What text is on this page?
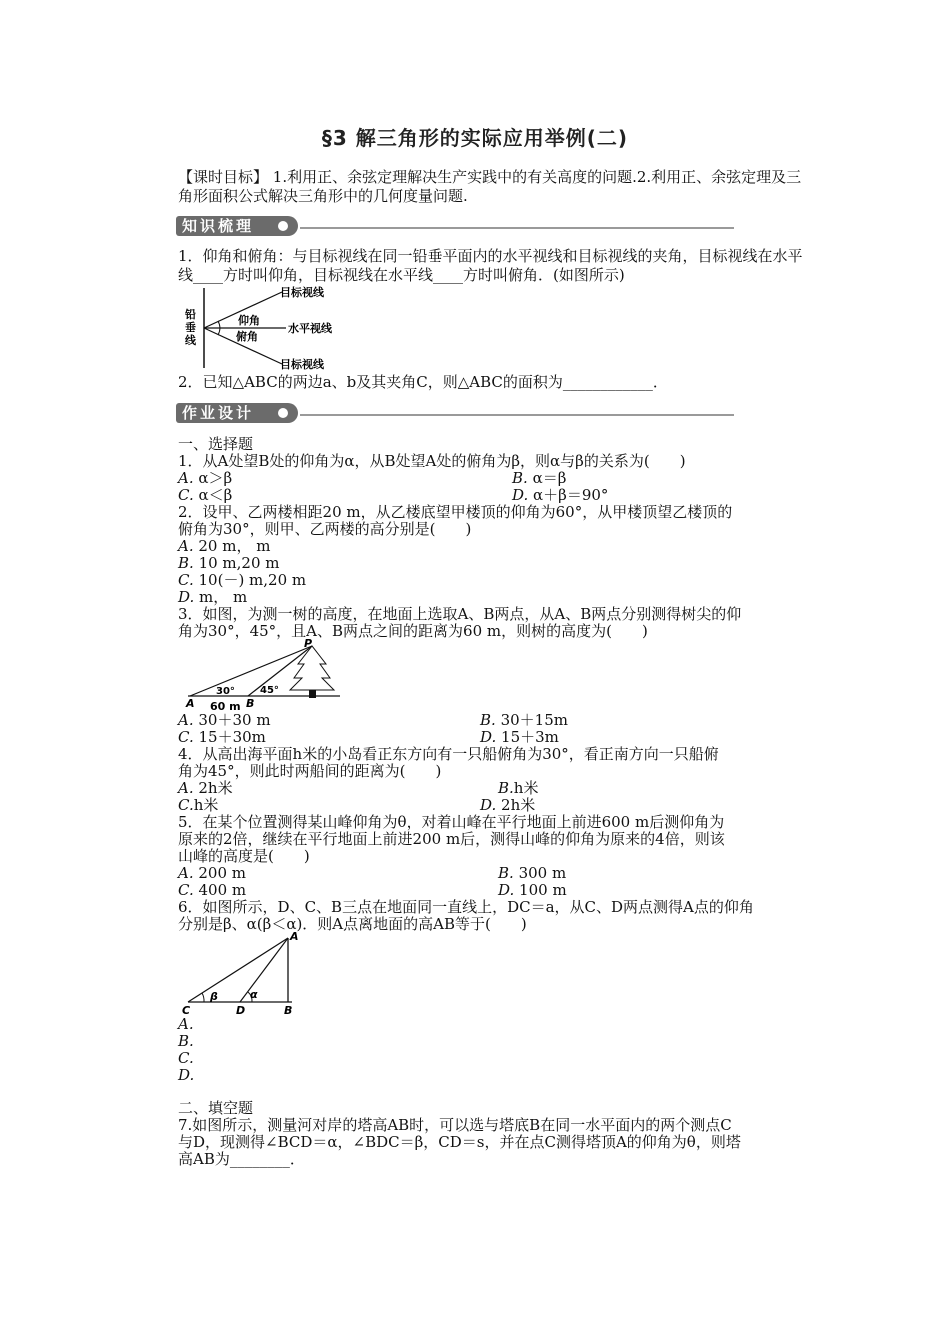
§3 解三角形的实际应用举例(二)
【课时目标】 1.利用正、余弦定理解决生产实践中的有关高度的问题.2.利用正、余弦定理及三角形面积公式解决三角形中的几何度量问题.
知识梳理
1．仰角和俯角：与目标视线在同一铅垂平面内的水平视线和目标视线的夹角，目标视线在水平线____方时叫仰角，目标视线在水平线____方时叫俯角．(如图所示)
铅
垂
线
目标视线
仰角
水平视线
俯角
目标视线
2．已知△ABC的两边a、b及其夹角C，则△ABC的面积为____________．
作业设计
一、选择题
1．从A处望B处的仰角为α，从B处望A处的俯角为β，则α与β的关系为(　　)
A. α＞β	B. α＝β
C. α＜β	D. α＋β＝90°
2．设甲、乙两楼相距20 m，从乙楼底望甲楼顶的仰角为60°，从甲楼顶望乙楼顶的
俯角为30°，则甲、乙两楼的高分别是(　　)
A. 20 m， m
B. 10 m,20 m
C. 10(－) m,20 m
D. m， m
3．如图，为测一树的高度，在地面上选取A、B两点，从A、B两点分别测得树尖的仰
角为30°，45°，且A、B两点之间的距离为60 m，则树的高度为(　　)
P
A	B
30°	45°
60 m
A. 30＋30 m	B. 30＋15m
C. 15＋30m	D. 15＋3m
4．从高出海平面h米的小岛看正东方向有一只船俯角为30°，看正南方向一只船俯
角为45°，则此时两船间的距离为(　　)
A. 2h米	B.h米
C.h米	D. 2h米
5．在某个位置测得某山峰仰角为θ，对着山峰在平行地面上前进600 m后测仰角为
原来的2倍，继续在平行地面上前进200 m后，测得山峰的仰角为原来的4倍，则该
山峰的高度是(　　)
A. 200 m	B. 300 m
C. 400 m	D. 100 m
6．如图所示，D、C、B三点在地面同一直线上，DC＝a，从C、D两点测得A点的仰角
分别是β、α(β＜α)．则A点离地面的高AB等于(　　)
A
B
C	D
β	α
A.
B.
C.
D.
二、填空题
7.如图所示，测量河对岸的塔高AB时，可以选与塔底B在同一水平面内的两个测点C
与D，现测得∠BCD＝α，∠BDC＝β，CD＝s，并在点C测得塔顶A的仰角为θ，则塔
高AB为________．
